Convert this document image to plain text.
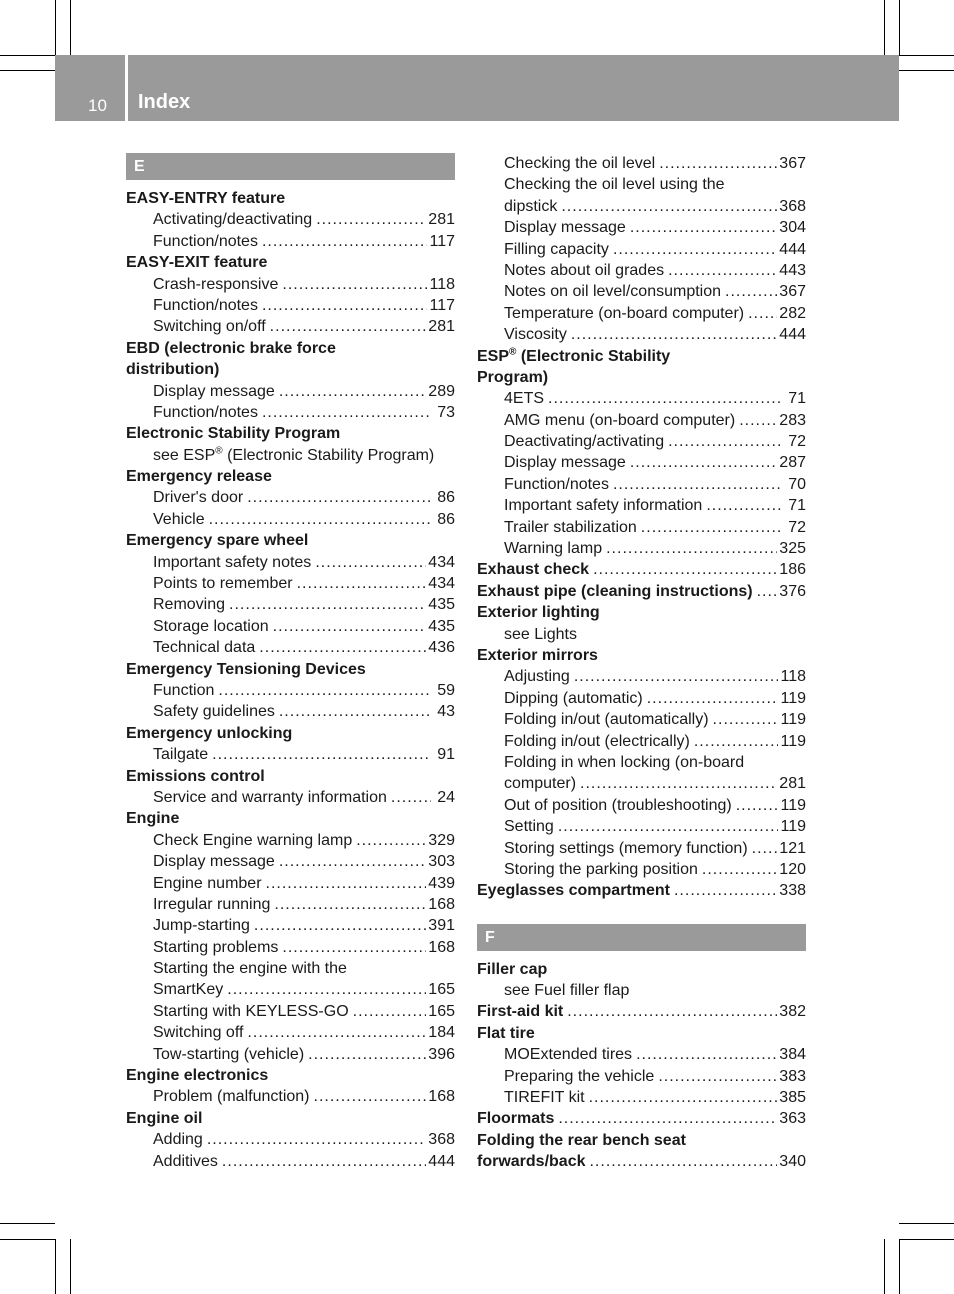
10 Index
E
EASY-ENTRY feature
Activating/deactivating .....	281
Function/notes .....	117
EASY-EXIT feature
Crash-responsive .....	118
Function/notes .....	117
Switching on/off .....	281
EBD (electronic brake force
distribution)
Display message .....	289
Function/notes .....	73
Electronic Stability Program
see ESP® (Electronic Stability Program)
Emergency release
Driver's door .....	86
Vehicle .....	86
Emergency spare wheel
Important safety notes .....	434
Points to remember .....	434
Removing .....	435
Storage location .....	435
Technical data .....	436
Emergency Tensioning Devices
Function .....	59
Safety guidelines .....	43
Emergency unlocking
Tailgate .....	91
Emissions control
Service and warranty information .....	24
Engine
Check Engine warning lamp .....	329
Display message .....	303
Engine number .....	439
Irregular running .....	168
Jump-starting .....	391
Starting problems .....	168
Starting the engine with the
SmartKey .....	165
Starting with KEYLESS-GO .....	165
Switching off .....	184
Tow-starting (vehicle) .....	396
Engine electronics
Problem (malfunction) .....	168
Engine oil
Adding .....	368
Additives .....	444
Checking the oil level .....	367
Checking the oil level using the
dipstick .....	368
Display message .....	304
Filling capacity .....	444
Notes about oil grades .....	443
Notes on oil level/consumption .....	367
Temperature (on-board computer) ..... 282
Viscosity .....	444
ESP® (Electronic Stability
Program)
4ETS .....	71
AMG menu (on-board computer) .....	283
Deactivating/activating .....	72
Display message .....	287
Function/notes .....	70
Important safety information .....	71
Trailer stabilization .....	72
Warning lamp .....	325
Exhaust check .....	186
Exhaust pipe (cleaning instructions) ..... 376
Exterior lighting
see Lights
Exterior mirrors
Adjusting .....	118
Dipping (automatic) .....	119
Folding in/out (automatically) .....	119
Folding in/out (electrically) .....	119
Folding in when locking (on-board
computer) .....	281
Out of position (troubleshooting) .....	119
Setting .....	119
Storing settings (memory function) ..... 121
Storing the parking position .....	120
Eyeglasses compartment .....	338
F
Filler cap
see Fuel filler flap
First-aid kit .....	382
Flat tire
MOExtended tires .....	384
Preparing the vehicle .....	383
TIREFIT kit .....	385
Floormats .....	363
Folding the rear bench seat
forwards/back .....	340
